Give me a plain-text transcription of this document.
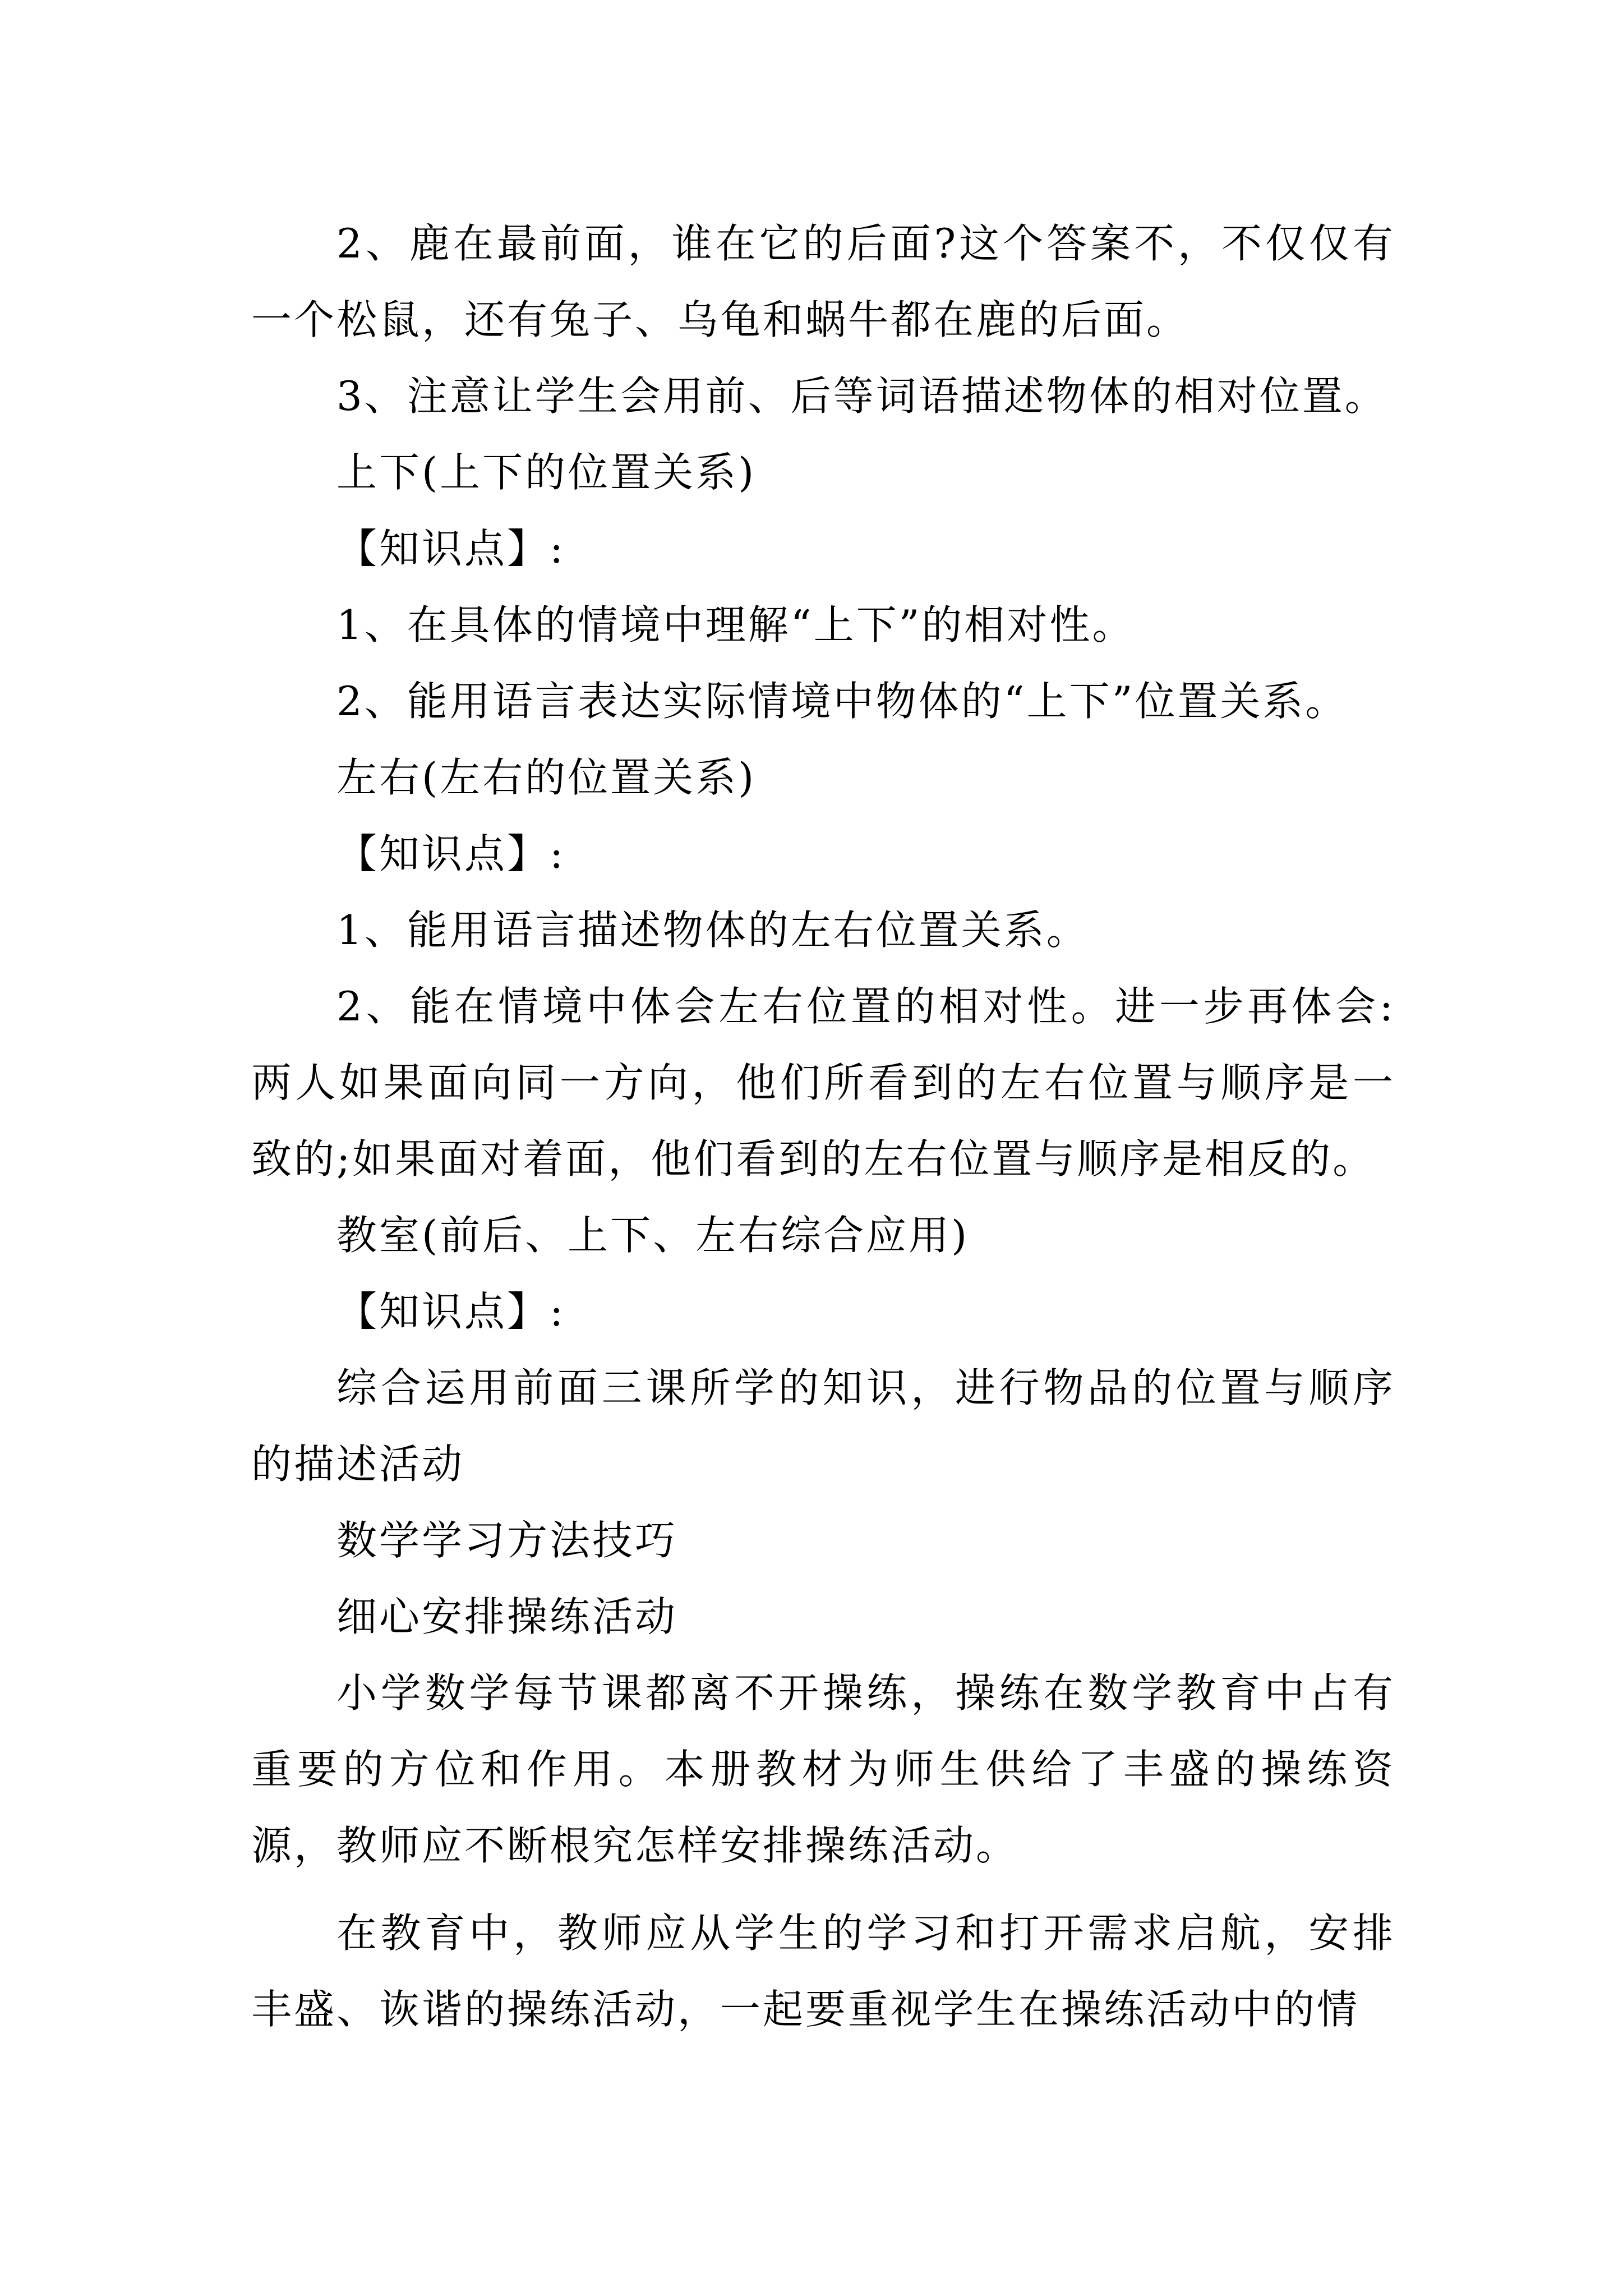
2、鹿在最前面，谁在它的后面?这个答案不，不仅仅有一个松鼠，还有兔子、乌龟和蜗牛都在鹿的后面。

3、注意让学生会用前、后等词语描述物体的相对位置。

上下(上下的位置关系)

【知识点】:

1、在具体的情境中理解“上下”的相对性。

2、能用语言表达实际情境中物体的“上下”位置关系。

左右(左右的位置关系)

【知识点】:

1、能用语言描述物体的左右位置关系。

2、能在情境中体会左右位置的相对性。进一步再体会:两人如果面向同一方向，他们所看到的左右位置与顺序是一致的;如果面对着面，他们看到的左右位置与顺序是相反的。

教室(前后、上下、左右综合应用)

【知识点】:

综合运用前面三课所学的知识，进行物品的位置与顺序的描述活动

数学学习方法技巧

细心安排操练活动

小学数学每节课都离不开操练，操练在数学教育中占有重要的方位和作用。本册教材为师生供给了丰盛的操练资源，教师应不断根究怎样安排操练活动。

在教育中，教师应从学生的学习和打开需求启航，安排丰盛、诙谐的操练活动，一起要重视学生在操练活动中的情
